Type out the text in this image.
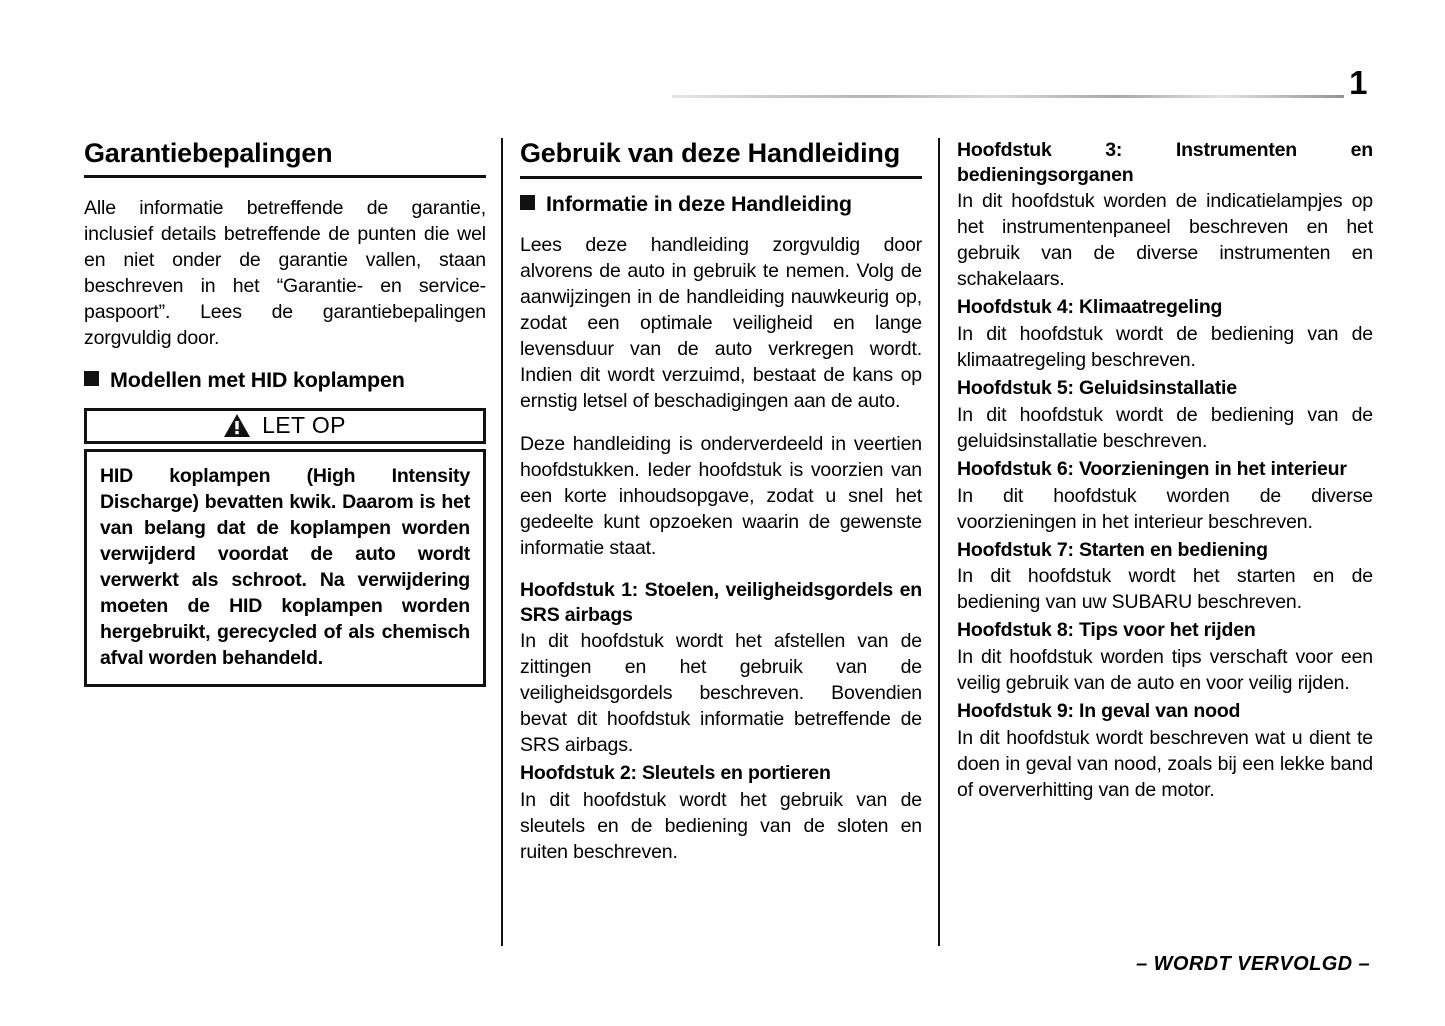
1
Garantiebepalingen

Alle informatie betreffende de garantie, inclusief details betreffende de punten die wel en niet onder de garantie vallen, staan beschreven in het “Garantie- en service-paspoort”. Lees de garantiebepalingen zorgvuldig door.

Modellen met HID koplampen
LET OP

HID koplampen (High Intensity Discharge) bevatten kwik. Daarom is het van belang dat de koplampen worden verwijderd voordat de auto wordt verwerkt als schroot. Na verwijdering moeten de HID koplampen worden hergebruikt, gerecycled of als chemisch afval worden behandeld.

Gebruik van deze Handleiding
Informatie in deze Handleiding

Lees deze handleiding zorgvuldig door alvorens de auto in gebruik te nemen. Volg de aanwijzingen in de handleiding nauwkeurig op, zodat een optimale veiligheid en lange levensduur van de auto verkregen wordt. Indien dit wordt verzuimd, bestaat de kans op ernstig letsel of beschadigingen aan de auto.

Deze handleiding is onderverdeeld in veertien hoofdstukken. Ieder hoofdstuk is voorzien van een korte inhoudsopgave, zodat u snel het gedeelte kunt opzoeken waarin de gewenste informatie staat.

Hoofdstuk 1: Stoelen, veiligheidsgordels en SRS airbags

In dit hoofdstuk wordt het afstellen van de zittingen en het gebruik van de veiligheidsgordels beschreven. Bovendien bevat dit hoofdstuk informatie betreffende de SRS airbags.

Hoofdstuk 2: Sleutels en portieren

In dit hoofdstuk wordt het gebruik van de sleutels en de bediening van de sloten en ruiten beschreven.

Hoofdstuk 3: Instrumenten en bedieningsorganen

In dit hoofdstuk worden de indicatielampjes op het instrumentenpaneel beschreven en het gebruik van de diverse instrumenten en schakelaars.

Hoofdstuk 4: Klimaatregeling

In dit hoofdstuk wordt de bediening van de klimaatregeling beschreven.

Hoofdstuk 5: Geluidsinstallatie

In dit hoofdstuk wordt de bediening van de geluidsinstallatie beschreven.

Hoofdstuk 6: Voorzieningen in het interieur

In dit hoofdstuk worden de diverse voorzieningen in het interieur beschreven.

Hoofdstuk 7: Starten en bediening

In dit hoofdstuk wordt het starten en de bediening van uw SUBARU beschreven.

Hoofdstuk 8: Tips voor het rijden

In dit hoofdstuk worden tips verschaft voor een veilig gebruik van de auto en voor veilig rijden.

Hoofdstuk 9: In geval van nood

In dit hoofdstuk wordt beschreven wat u dient te doen in geval van nood, zoals bij een lekke band of oververhitting van de motor.

– WORDT VERVOLGD –
